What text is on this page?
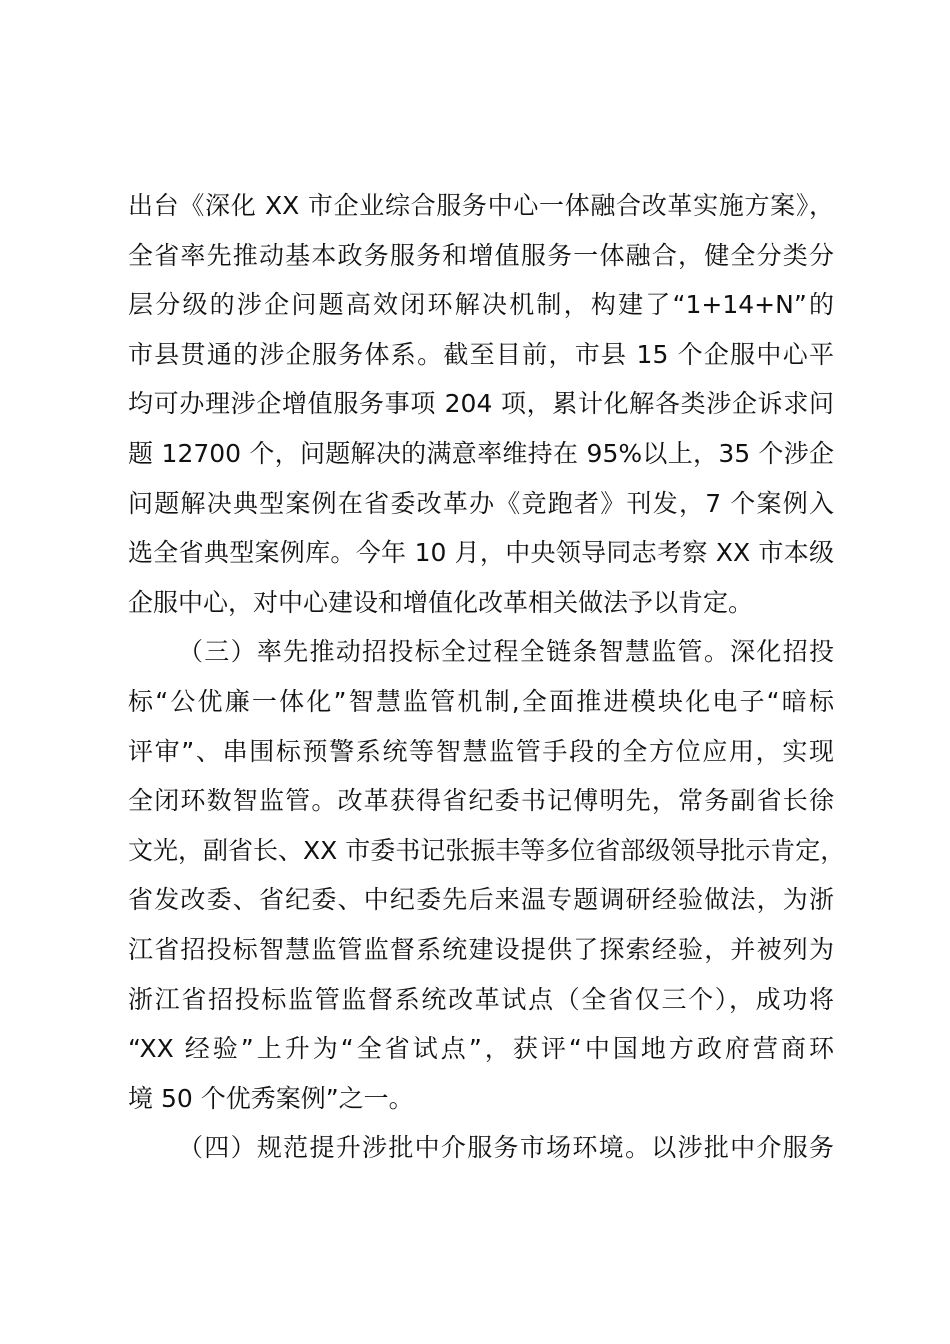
出台《深化 XX 市企业综合服务中心一体融合改革实施方案》，
全省率先推动基本政务服务和增值服务一体融合，健全分类分
层分级的涉企问题高效闭环解决机制，构建了“1+14+N”的
市县贯通的涉企服务体系。截至目前，市县 15 个企服中心平
均可办理涉企增值服务事项 204 项，累计化解各类涉企诉求问
题 12700 个，问题解决的满意率维持在 95%以上，35 个涉企
问题解决典型案例在省委改革办《竞跑者》刊发，7 个案例入
选全省典型案例库。今年 10 月，中央领导同志考察 XX 市本级
企服中心，对中心建设和增值化改革相关做法予以肯定。
（三）率先推动招投标全过程全链条智慧监管。深化招投
标“公优廉一体化”智慧监管机制,全面推进模块化电子“暗标
评审”、串围标预警系统等智慧监管手段的全方位应用，实现
全闭环数智监管。改革获得省纪委书记傅明先，常务副省长徐
文光，副省长、XX 市委书记张振丰等多位省部级领导批示肯定，
省发改委、省纪委、中纪委先后来温专题调研经验做法，为浙
江省招投标智慧监管监督系统建设提供了探索经验，并被列为
浙江省招投标监管监督系统改革试点（全省仅三个），成功将
“XX 经验”上升为“全省试点”，获评“中国地方政府营商环
境 50 个优秀案例”之一。
（四）规范提升涉批中介服务市场环境。以涉批中介服务
